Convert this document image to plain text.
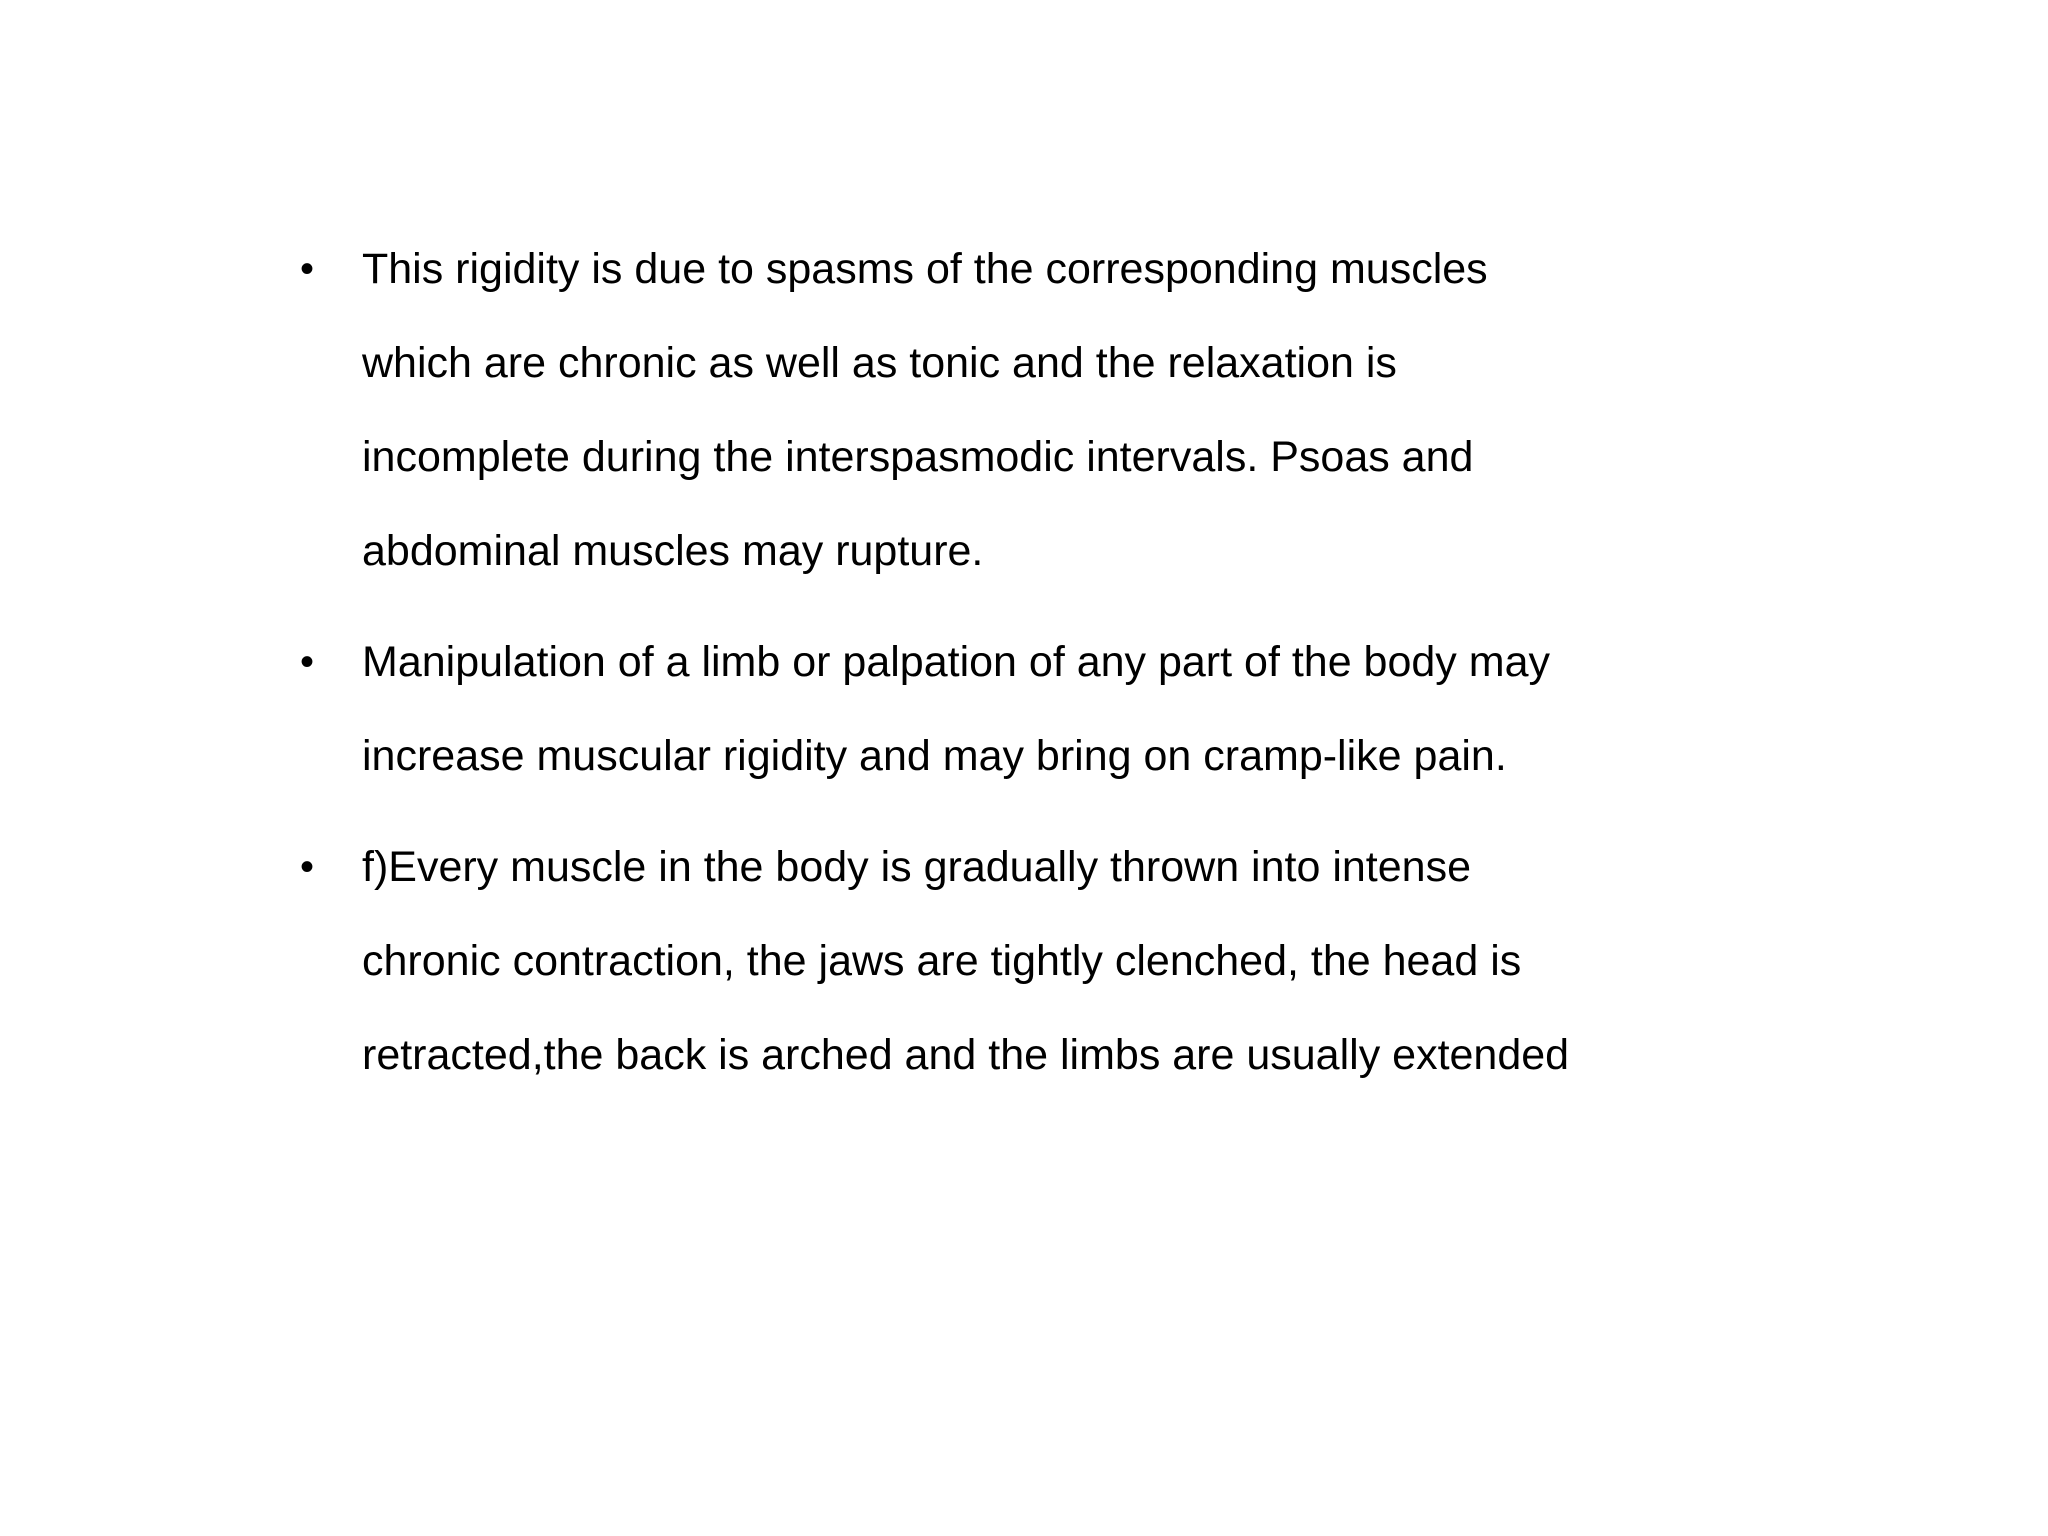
•	This rigidity is due to spasms of the corresponding muscles
which are chronic as well as tonic and the relaxation is
incomplete during the interspasmodic intervals. Psoas and
abdominal muscles may rupture.
•	Manipulation of a limb or palpation of any part of the body may
increase muscular rigidity and may bring on cramp-like pain.
•	f)Every muscle in the body is gradually thrown into intense
chronic contraction, the jaws are tightly clenched, the head is
retracted,the back is arched and the limbs are usually extended
